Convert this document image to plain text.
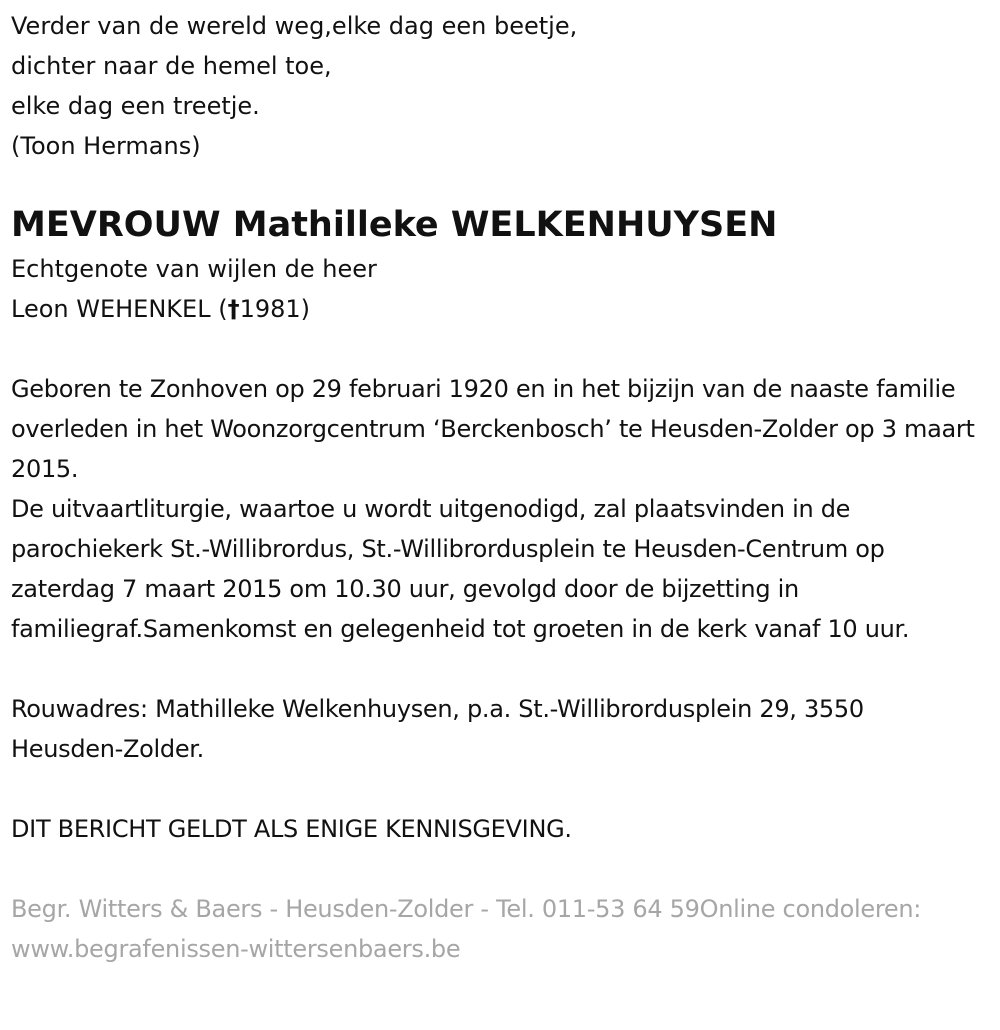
Verder van de wereld weg,elke dag een beetje,

dichter naar de hemel toe,

elke dag een treetje.

(Toon Hermans)

MEVROUW Mathilleke WELKENHUYSEN

Echtgenote van wijlen de heer

Leon WEHENKEL (†1981)

Geboren te Zonhoven op 29 februari 1920 en in het bijzijn van de naaste familie overleden in het Woonzorgcentrum ‘Berckenbosch’ te Heusden-Zolder op 3 maart 2015.

De uitvaartliturgie, waartoe u wordt uitgenodigd, zal plaatsvinden in de parochiekerk St.-Willibrordus, St.-Willibrordusplein te Heusden-Centrum op zaterdag 7 maart 2015 om 10.30 uur, gevolgd door de bijzetting in familiegraf.Samenkomst en gelegenheid tot groeten in de kerk vanaf 10 uur.

Rouwadres: Mathilleke Welkenhuysen, p.a. St.-Willibrordusplein 29, 3550 Heusden-Zolder.

DIT BERICHT GELDT ALS ENIGE KENNISGEVING.

Begr. Witters & Baers - Heusden-Zolder - Tel. 011-53 64 59Online condoleren: www.begrafenissen-wittersenbaers.be
